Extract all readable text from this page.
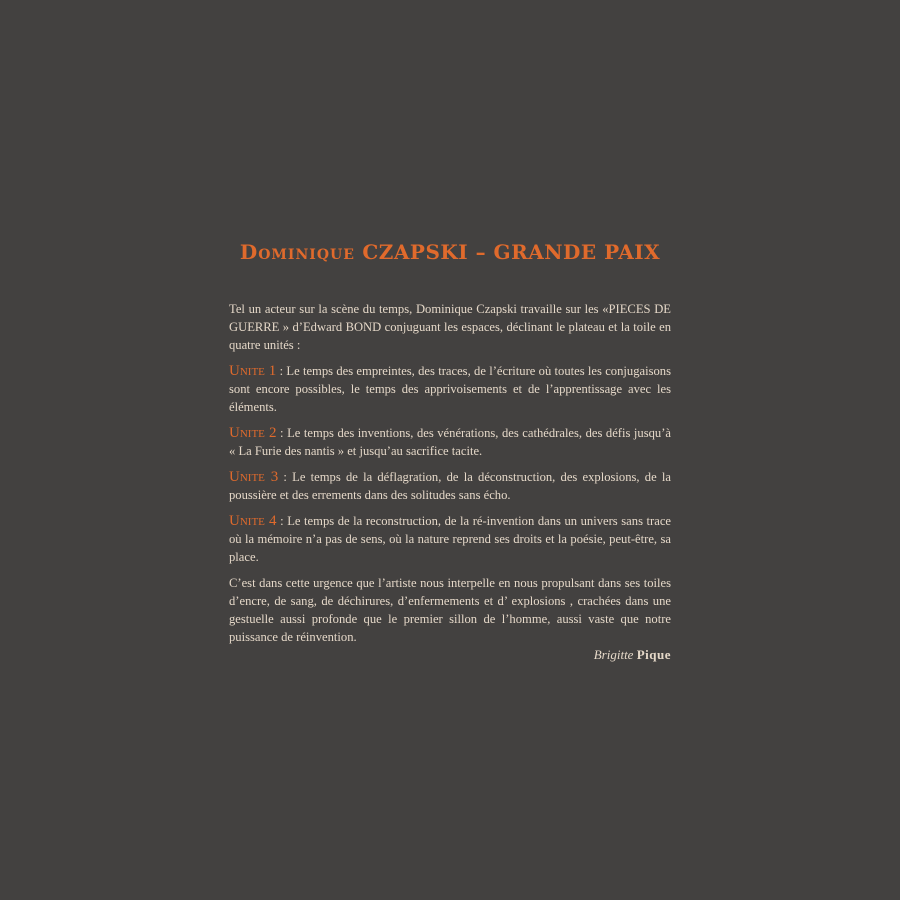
Dominique CZAPSKI – GRANDE PAIX

Tel un acteur sur la scène du temps, Dominique Czapski travaille sur les «PIECES DE GUERRE » d’Edward BOND conjuguant les espaces, déclinant le plateau et la toile en quatre unités :

Unite 1 : Le temps des empreintes, des traces, de l’écriture où toutes les conjugaisons sont encore possibles, le temps des apprivoisements et de l’apprentissage avec les éléments.

Unite 2 : Le temps des inventions, des vénérations, des cathédrales, des défis jusqu’à « La Furie des nantis » et jusqu’au sacrifice tacite.

Unite 3 : Le temps de la déflagration, de la déconstruction, des explosions, de la poussière et des errements dans des solitudes sans écho.

Unite 4 : Le temps de la reconstruction, de la ré-invention dans un univers sans trace où la mémoire n’a pas de sens, où la nature reprend ses droits et la poésie, peut-être, sa place.

C’est dans cette urgence que l’artiste nous interpelle en nous propulsant dans ses toiles d’encre, de sang, de déchirures, d’enfermements et d’ explosions , crachées dans une gestuelle aussi profonde que le premier sillon de l’homme, aussi vaste que notre puissance de réinvention.

Brigitte Pique
